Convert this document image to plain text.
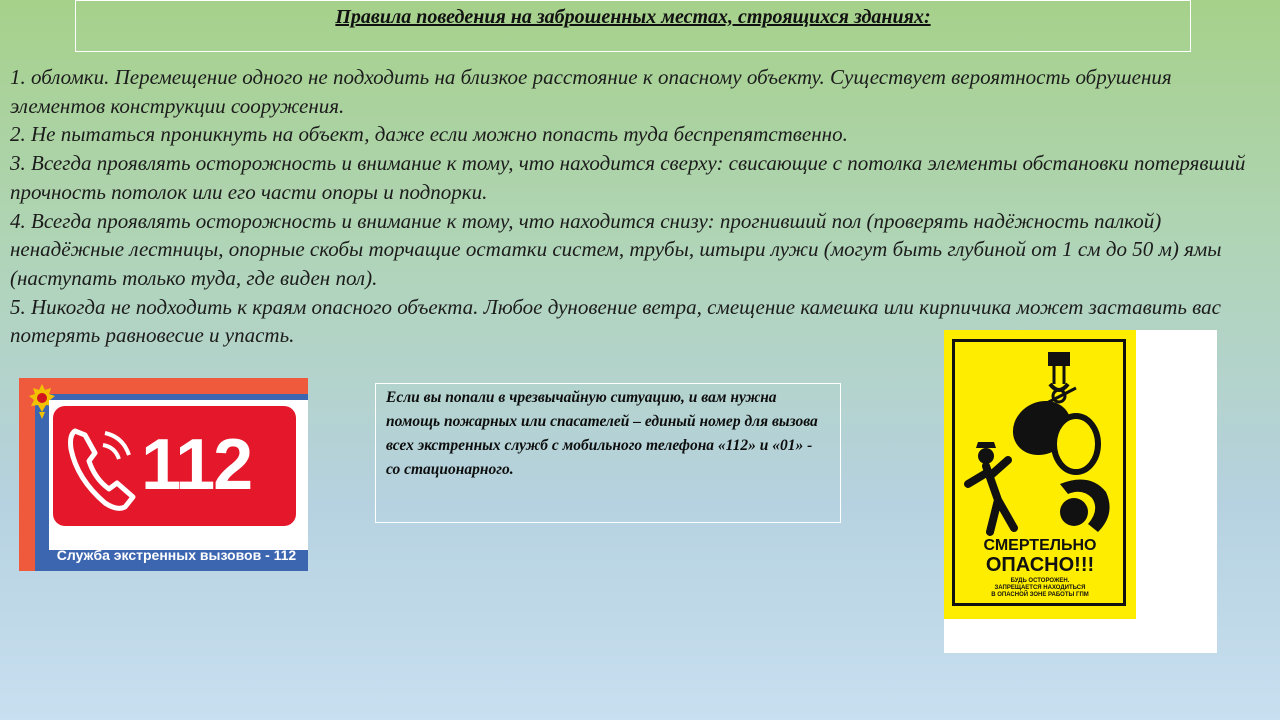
Правила поведения на заброшенных местах, строящихся зданиях:

1. обломки. Перемещение одного не подходить на близкое расстояние к опасному объекту. Существует вероятность обрушения элементов конструкции сооружения.

2. Не пытаться проникнуть на объект, даже если можно попасть туда беспрепятственно.

3. Всегда проявлять осторожность и внимание к тому, что находится сверху: свисающие с потолка элементы обстановки потерявший прочность потолок или его части опоры и подпорки.

4. Всегда проявлять осторожность и внимание к тому, что находится снизу: прогнивший пол (проверять надёжность палкой) ненадёжные лестницы, опорные скобы торчащие остатки систем, трубы, штыри лужи (могут быть глубиной от 1 см до 50 м) ямы (наступать только туда, где виден пол).

5. Никогда не подходить к краям опасного объекта. Любое дуновение ветра, смещение камешка или кирпичика может заставить вас потерять равновесие и упасть.

112
Служба экстренных вызовов - 112
Если вы попали в чрезвычайную ситуацию, и вам нужна помощь пожарных или спасателей – единый номер для вызова всех экстренных служб с мобильного телефона «112» и «01» - со стационарного.
СМЕРТЕЛЬНО
ОПАСНО!!!
БУДЬ ОСТОРОЖЕН.
ЗАПРЕЩАЕТСЯ НАХОДИТЬСЯ
В ОПАСНОЙ ЗОНЕ РАБОТЫ ГПМ
